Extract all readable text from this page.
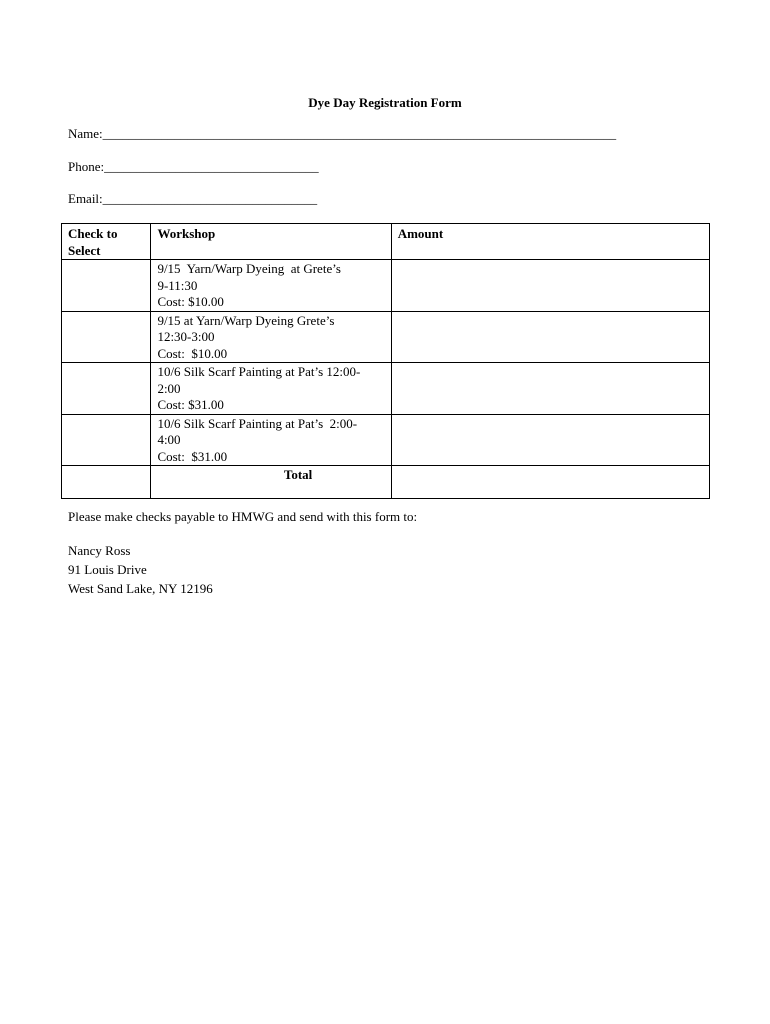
Dye Day Registration Form
Name:_______________________________________________________________________________
Phone:_________________________________
Email:_________________________________
Check to Select	Workshop	Amount

	9/15  Yarn/Warp Dyeing  at Grete’s
9-11:30
Cost: $10.00	

	9/15 at Yarn/Warp Dyeing Grete’s
12:30-3:00
Cost:  $10.00	

	10/6 Silk Scarf Painting at Pat’s 12:00-
2:00
Cost: $31.00	

	10/6 Silk Scarf Painting at Pat’s  2:00-
4:00
Cost:  $31.00	

	Total	
Please make checks payable to HMWG and send with this form to:
Nancy Ross
91 Louis Drive
West Sand Lake, NY 12196
